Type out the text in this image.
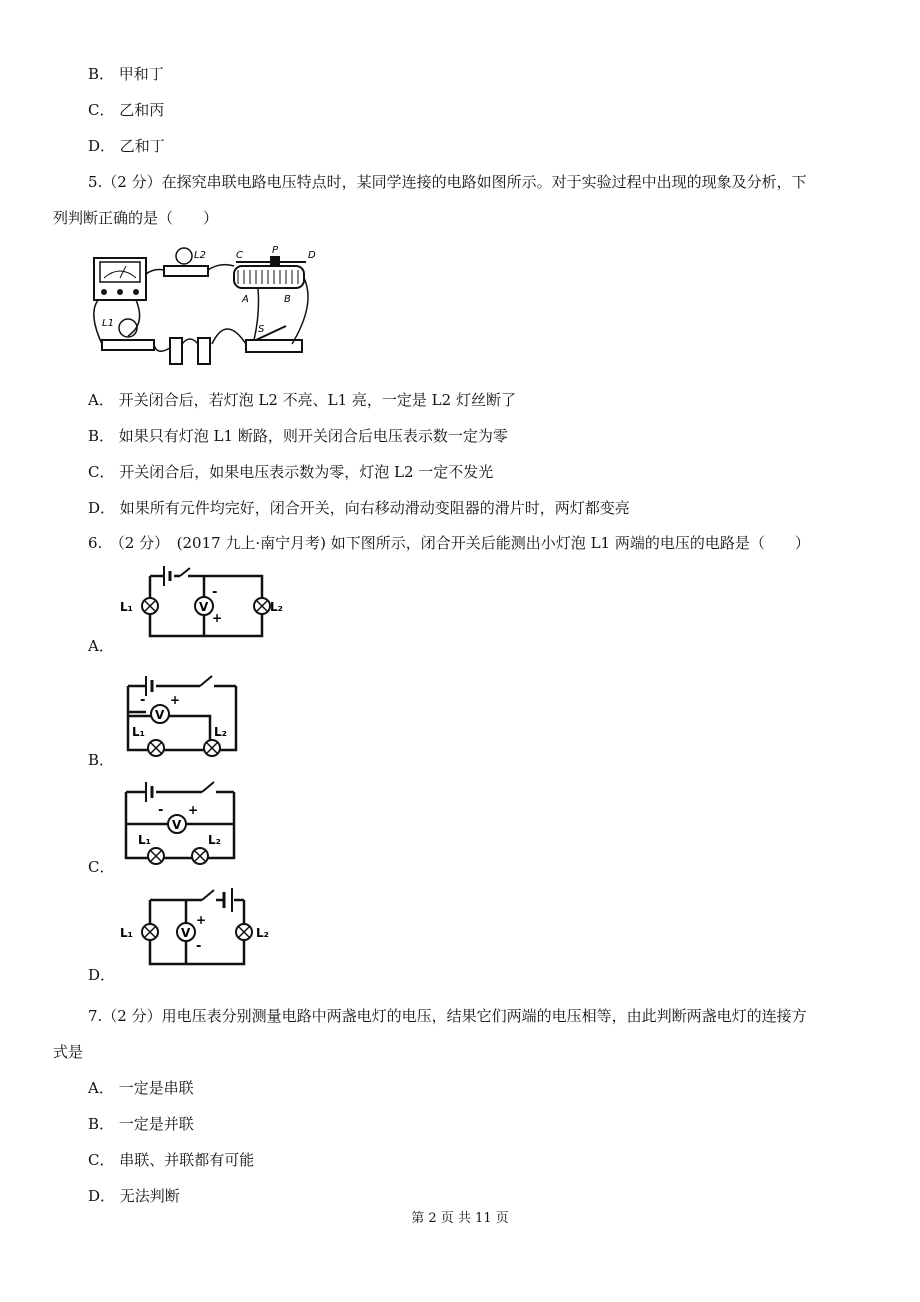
B． 甲和丁
C． 乙和丙
D． 乙和丁
5.（2 分）在探究串联电路电压特点时，某同学连接的电路如图所示。对于实验过程中出现的现象及分析，下
列判断正确的是（　　）
L2	C	P	D
A	B
L1
S
A． 开关闭合后，若灯泡 L2 不亮、L1 亮，一定是 L2 灯丝断了
B． 如果只有灯泡 L1 断路，则开关闭合后电压表示数一定为零
C． 开关闭合后，如果电压表示数为零，灯泡 L2 一定不发光
D． 如果所有元件均完好，闭合开关，向右移动滑动变阻器的滑片时，两灯都变亮
6.　（2 分）　(2017 九上·南宁月考) 如下图所示，闭合开关后能测出小灯泡 L1 两端的电压的电路是（　　）
V
L₁	L₂
-
+
A．
V
- +
L₁	L₂
B．
V
- +
L₁	L₂
C．
V
L₁	L₂
+
-
D．
7.（2 分）用电压表分别测量电路中两盏电灯的电压，结果它们两端的电压相等，由此判断两盏电灯的连接方
式是
A． 一定是串联
B． 一定是并联
C． 串联、并联都有可能
D． 无法判断
第 2 页 共 11 页
